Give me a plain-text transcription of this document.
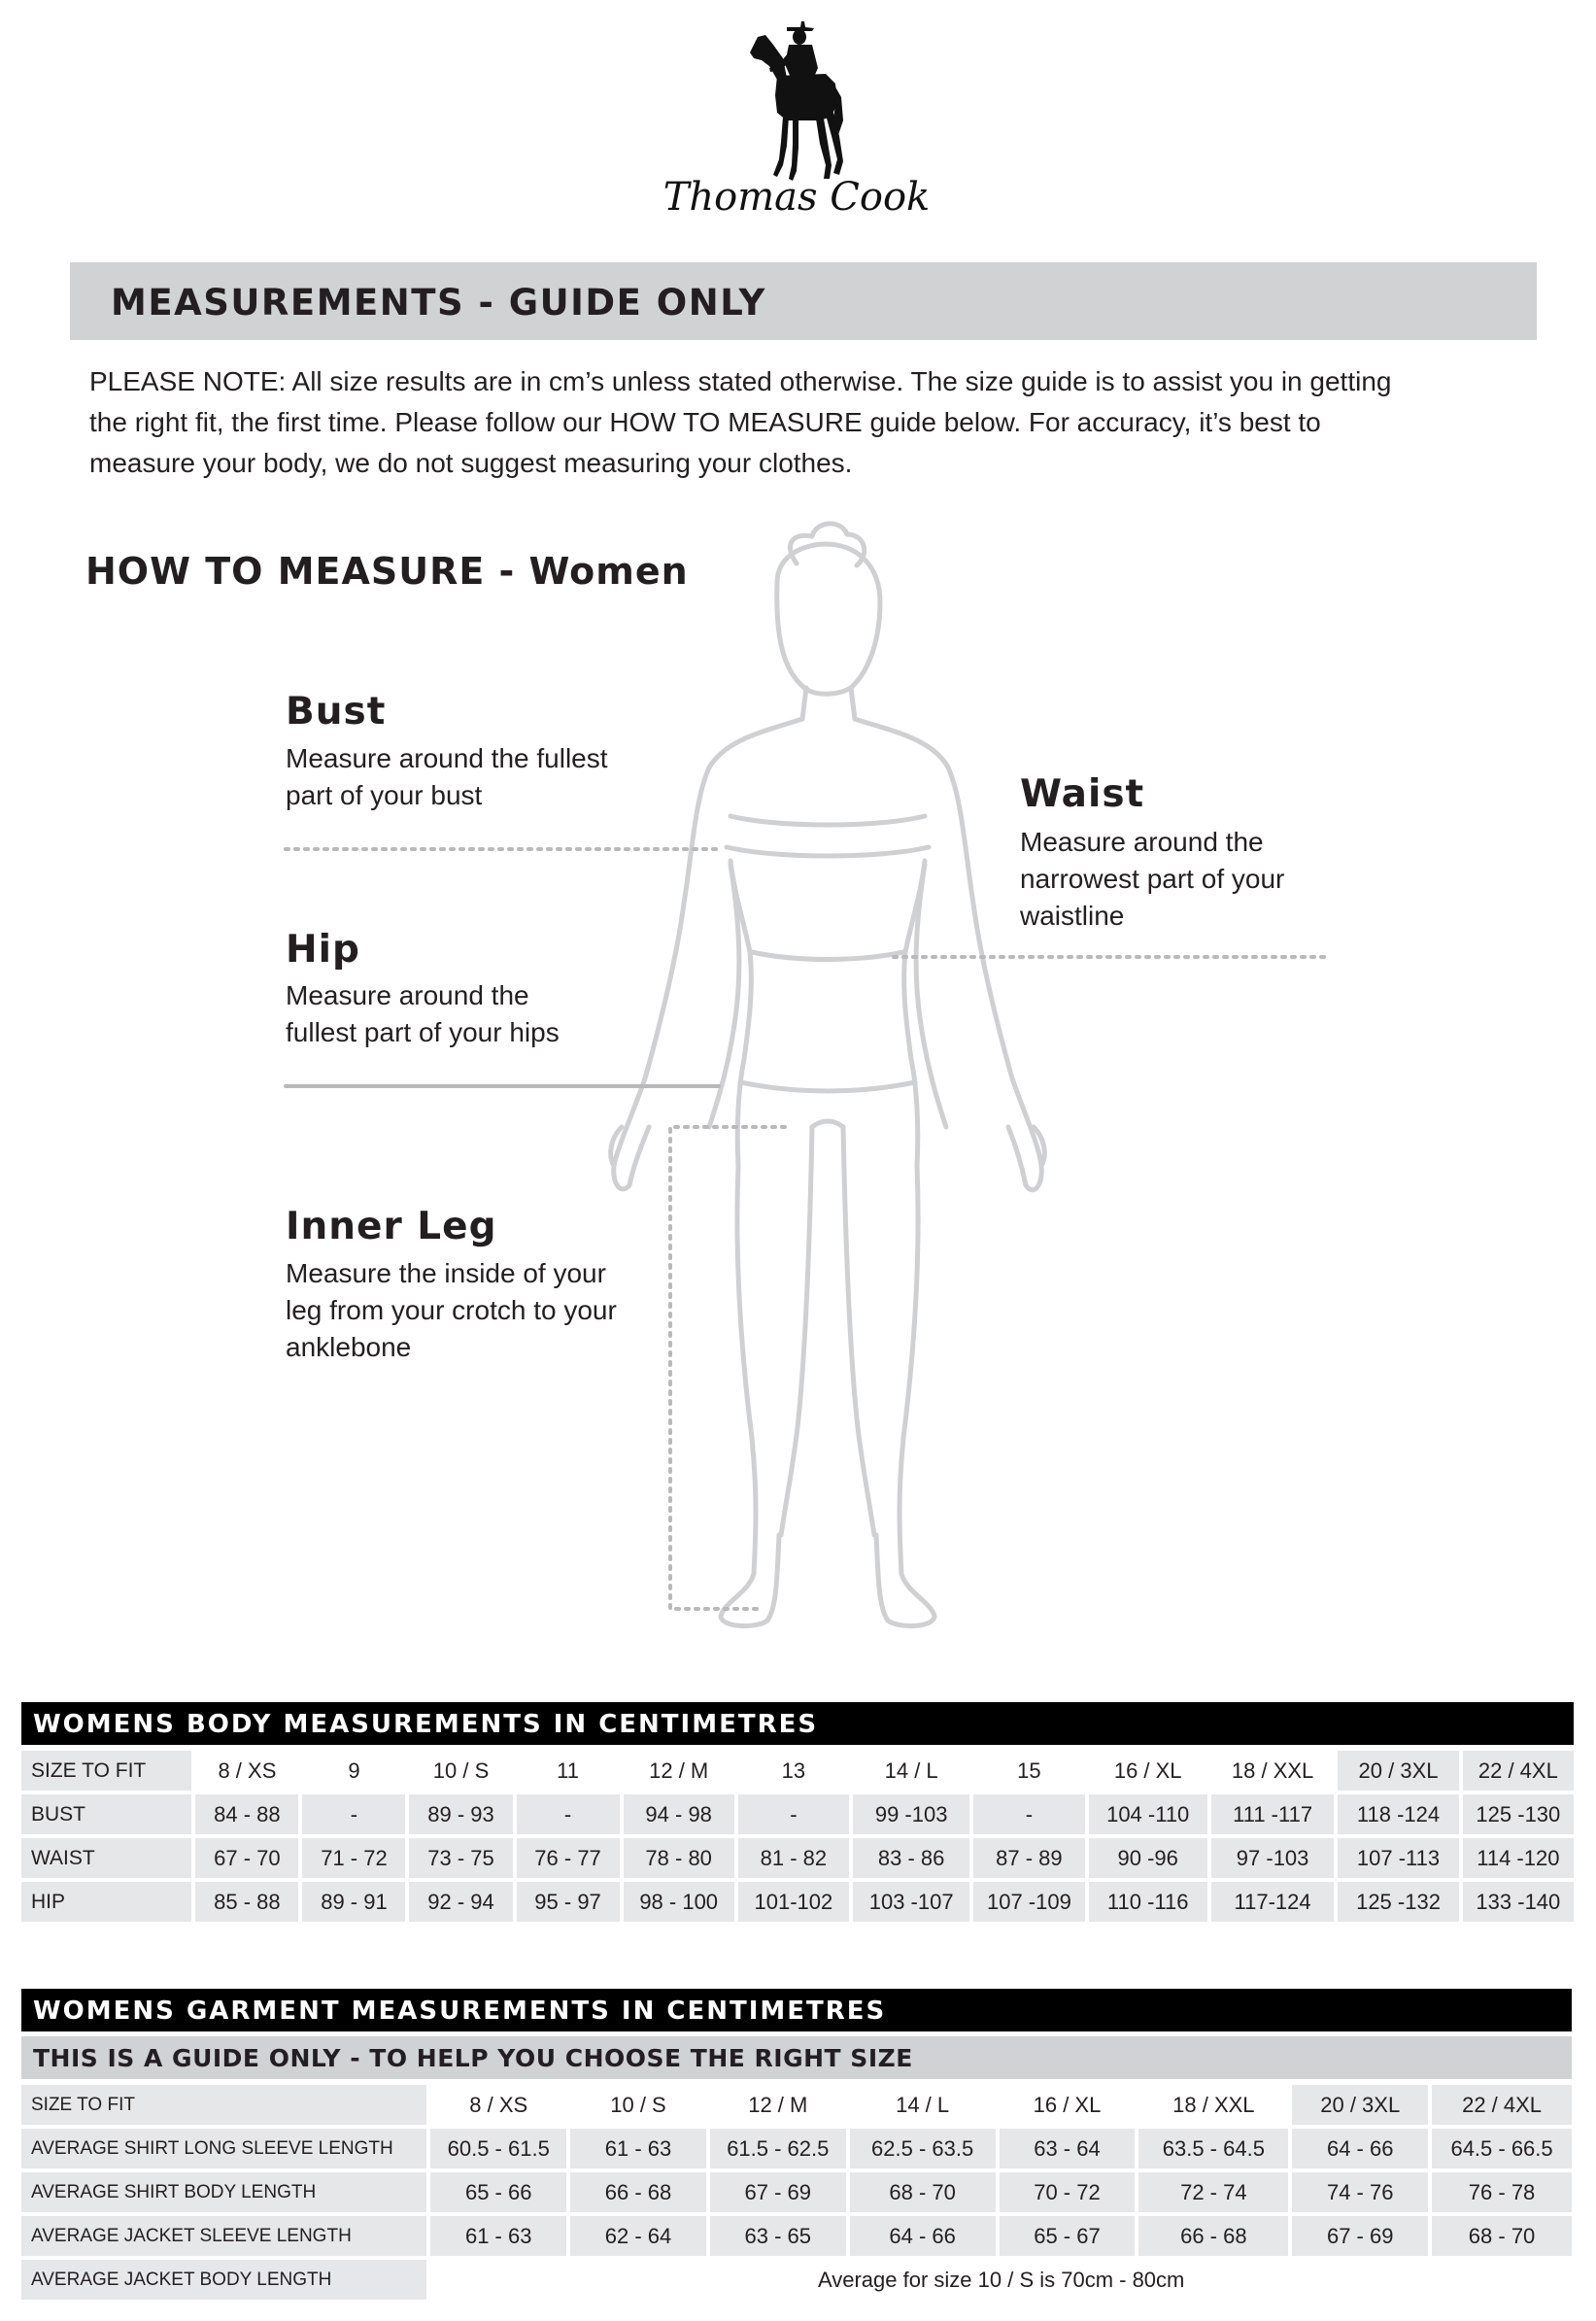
Thomas Cook
MEASUREMENTS - GUIDE ONLY
PLEASE NOTE: All size results are in cm’s unless stated otherwise. The size guide is to assist you in getting the right fit, the first time. Please follow our HOW TO MEASURE guide below. For accuracy, it’s best to measure your body, we do not suggest measuring your clothes.
HOW TO MEASURE - Women
Bust
Measure around the fullest part of your bust	Waist
Measure around the narrowest part of your waistline
Hip
Measure around the fullest part of your hips
Inner Leg
Measure the inside of your leg from your crotch to your anklebone
WOMENS BODY MEASUREMENTS IN CENTIMETRES
SIZE TO FIT	8 / XS	9	10 / S	11	12 / M	13	14 / L	15	16 / XL	18 / XXL	20 / 3XL	22 / 4XL
BUST	84 - 88	-	89 - 93	-	94 - 98	-	99 -103	-	104 -110	111 -117	118 -124	125 -130
WAIST	67 - 70	71 - 72	73 - 75	76 - 77	78 - 80	81 - 82	83 - 86	87 - 89	90 -96	97 -103	107 -113	114 -120
HIP	85 - 88	89 - 91	92 - 94	95 - 97	98 - 100	101-102	103 -107	107 -109	110 -116	117-124	125 -132	133 -140
WOMENS GARMENT MEASUREMENTS IN CENTIMETRES
THIS IS A GUIDE ONLY - TO HELP YOU CHOOSE THE RIGHT SIZE
SIZE TO FIT	8 / XS	10 / S	12 / M	14 / L	16 / XL	18 / XXL	20 / 3XL	22 / 4XL
AVERAGE SHIRT LONG SLEEVE LENGTH	60.5 - 61.5	61 - 63	61.5 - 62.5	62.5 - 63.5	63 - 64	63.5 - 64.5	64 - 66	64.5 - 66.5
AVERAGE SHIRT BODY LENGTH	65 - 66	66 - 68	67 - 69	68 - 70	70 - 72	72 - 74	74 - 76	76 - 78
AVERAGE JACKET SLEEVE LENGTH	61 - 63	62 - 64	63 - 65	64 - 66	65 - 67	66 - 68	67 - 69	68 - 70
AVERAGE JACKET BODY LENGTH	Average for size 10 / S is 70cm - 80cm							
